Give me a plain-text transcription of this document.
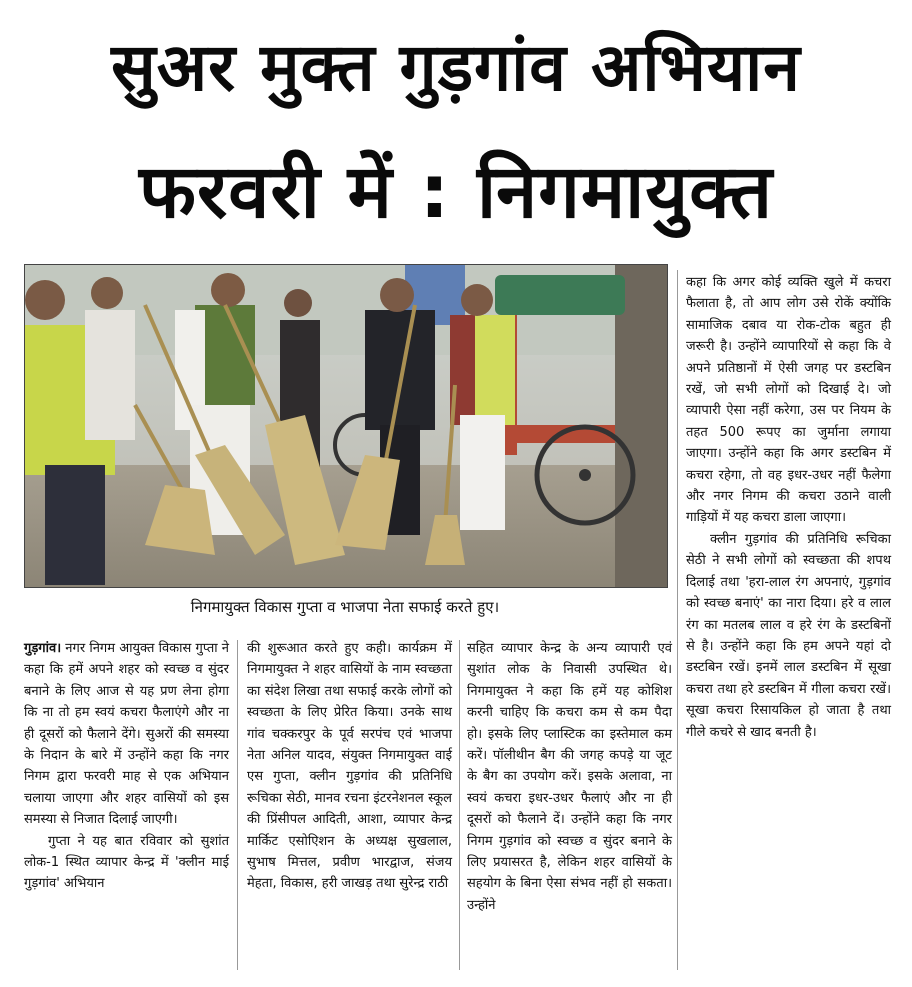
सुअर मुक्त गुड़गांव अभियान
फरवरी में : निगमायुक्त
निगमायुक्त विकास गुप्ता व भाजपा नेता सफाई करते हुए।

गुड़गांव। नगर निगम आयुक्त विकास गुप्ता ने कहा कि हमें अपने शहर को स्वच्छ व सुंदर बनाने के लिए आज से यह प्रण लेना होगा कि ना तो हम स्वयं कचरा फैलाएंगे और ना ही दूसरों को फैलाने देंगे। सुअरों की समस्या के निदान के बारे में उन्होंने कहा कि नगर निगम द्वारा फरवरी माह से एक अभियान चलाया जाएगा और शहर वासियों को इस समस्या से निजात दिलाई जाएगी।

गुप्ता ने यह बात रविवार को सुशांत लोक-1 स्थित व्यापार केन्द्र में 'क्लीन माई गुड़गांव' अभियान

की शुरूआत करते हुए कही। कार्यक्रम में निगमायुक्त ने शहर वासियों के नाम स्वच्छता का संदेश लिखा तथा सफाई करके लोगों को स्वच्छता के लिए प्रेरित किया। उनके साथ गांव चक्करपुर के पूर्व सरपंच एवं भाजपा नेता अनिल यादव, संयुक्त निगमायुक्त वाई एस गुप्ता, क्लीन गुड़गांव की प्रतिनिधि रूचिका सेठी, मानव रचना इंटरनेशनल स्कूल की प्रिंसीपल आदिती, आशा, व्यापार केन्द्र मार्किट एसोएिशन के अध्यक्ष सुखलाल, सुभाष मित्तल, प्रवीण भारद्वाज, संजय मेहता, विकास, हरी जाखड़ तथा सुरेन्द्र राठी

सहित व्यापार केन्द्र के अन्य व्यापारी एवं सुशांत लोक के निवासी उपस्थित थे। निगमायुक्त ने कहा कि हमें यह कोशिश करनी चाहिए कि कचरा कम से कम पैदा हो। इसके लिए प्लास्टिक का इस्तेमाल कम करें। पॉलीथीन बैग की जगह कपड़े या जूट के बैग का उपयोग करें। इसके अलावा, ना स्वयं कचरा इधर-उधर फैलाएं और ना ही दूसरों को फैलाने दें। उन्होंने कहा कि नगर निगम गुड़गांव को स्वच्छ व सुंदर बनाने के लिए प्रयासरत है, लेकिन शहर वासियों के सहयोग के बिना ऐसा संभव नहीं हो सकता। उन्होंने

कहा कि अगर कोई व्यक्ति खुले में कचरा फैलाता है, तो आप लोग उसे रोकें क्योंकि सामाजिक दबाव या रोक-टोक बहुत ही जरूरी है। उन्होंने व्यापारियों से कहा कि वे अपने प्रतिष्ठानों में ऐसी जगह पर डस्टबिन रखें, जो सभी लोगों को दिखाई दे। जो व्यापारी ऐसा नहीं करेगा, उस पर नियम के तहत 500 रूपए का जुर्माना लगाया जाएगा। उन्होंने कहा कि अगर डस्टबिन में कचरा रहेगा, तो वह इधर-उधर नहीं फैलेगा और नगर निगम की कचरा उठाने वाली गाड़ियों में यह कचरा डाला जाएगा।

क्लीन गुड़गांव की प्रतिनिधि रूचिका सेठी ने सभी लोगों को स्वच्छता की शपथ दिलाई तथा 'हरा-लाल रंग अपनाएं, गुड़गांव को स्वच्छ बनाएं' का नारा दिया। हरे व लाल रंग का मतलब लाल व हरे रंग के डस्टबिनों से है। उन्होंने कहा कि हम अपने यहां दो डस्टबिन रखें। इनमें लाल डस्टबिन में सूखा कचरा तथा हरे डस्टबिन में गीला कचरा रखें। सूखा कचरा रिसायकिल हो जाता है तथा गीले कचरे से खाद बनती है।
